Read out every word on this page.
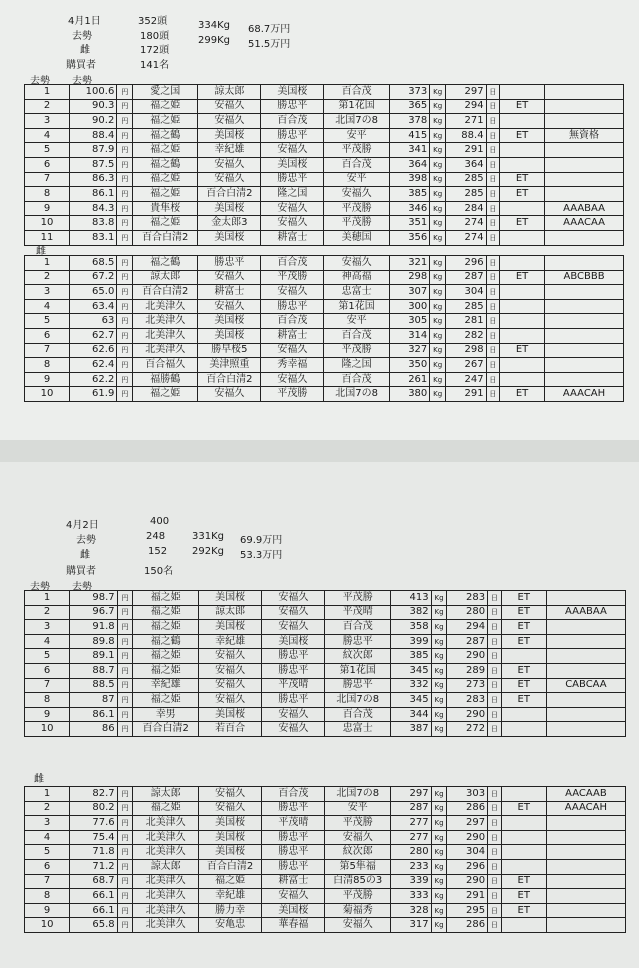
4月1日	352頭
去勢	180頭
334Kg 68.7万円
雌	172頭
299Kg 51.5万円
購買者	141名
去勢 去勢
1	100.6	円	愛之国	諒太郎	美国桜	百合茂	373	Kg	297	日		
2	90.3	円	福之姫	安福久	勝忠平	第1花国	365	Kg	294	日	ET	
3	90.2	円	福之姫	安福久	百合茂	北国7の8	378	Kg	271	日		
4	88.4	円	福之鶴	美国桜	勝忠平	安平	415	Kg	88.4	日	ET	無資格
5	87.9	円	福之姫	幸紀雄	安福久	平茂勝	341	Kg	291	日		
6	87.5	円	福之鶴	安福久	美国桜	百合茂	364	Kg	364	日		
7	86.3	円	福之姫	安福久	勝忠平	安平	398	Kg	285	日	ET	
8	86.1	円	福之姫	百合白清2	隆之国	安福久	385	Kg	285	日	ET	
9	84.3	円	貴隼桜	美国桜	安福久	平茂勝	346	Kg	284	日		AAABAA
10	83.8	円	福之姫	金太郎3	安福久	平茂勝	351	Kg	274	日	ET	AAACAA
11	83.1	円	百合白清2	美国桜	耕富士	美穂国	356	Kg	274	日		
雌
1	68.5	円	福之鶴	勝忠平	百合茂	安福久	321	Kg	296	日		
2	67.2	円	諒太郎	安福久	平茂勝	神高福	298	Kg	287	日	ET	ABCBBB
3	65.0	円	百合白清2	耕富士	安福久	忠富士	307	Kg	304	日		
4	63.4	円	北美津久	安福久	勝忠平	第1花国	300	Kg	285	日		
5	63	円	北美津久	美国桜	百合茂	安平	305	Kg	281	日		
6	62.7	円	北美津久	美国桜	耕富士	百合茂	314	Kg	282	日		
7	62.6	円	北美津久	勝早桜5	安福久	平茂勝	327	Kg	298	日	ET	
8	62.4	円	百合福久	美津照重	秀幸福	隆之国	350	Kg	267	日		
9	62.2	円	福勝鶴	百合白清2	安福久	百合茂	261	Kg	247	日		
10	61.9	円	福之姫	安福久	平茂勝	北国7の8	380	Kg	291	日	ET	AAACAH
4月2日	400
去勢	248	331Kg 69.9万円
雌	152 292Kg 53.3万円
購買者	150名
去勢 去勢
1	98.7	円	福之姫	美国桜	安福久	平茂勝	413	Kg	283	日	ET	
2	96.7	円	福之姫	諒太郎	安福久	平茂晴	382	Kg	280	日	ET	AAABAA
3	91.8	円	福之姫	美国桜	安福久	百合茂	358	Kg	294	日	ET	
4	89.8	円	福之鶴	幸紀雄	美国桜	勝忠平	399	Kg	287	日	ET	
5	89.1	円	福之姫	安福久	勝忠平	紋次郎	385	Kg	290	日		
6	88.7	円	福之姫	安福久	勝忠平	第1花国	345	Kg	289	日	ET	
7	88.5	円	幸紀雄	安福久	平茂晴	勝忠平	332	Kg	273	日	ET	CABCAA
8	87	円	福之姫	安福久	勝忠平	北国7の8	345	Kg	283	日	ET	
9	86.1	円	幸男	美国桜	安福久	百合茂	344	Kg	290	日		
10	86	円	百合白清2	若百合	安福久	忠富士	387	Kg	272	日		
雌
1	82.7	円	諒太郎	安福久	百合茂	北国7の8	297	Kg	303	日		AACAAB
2	80.2	円	福之姫	安福久	勝忠平	安平	287	Kg	286	日	ET	AAACAH
3	77.6	円	北美津久	美国桜	平茂晴	平茂勝	277	Kg	297	日		
4	75.4	円	北美津久	美国桜	勝忠平	安福久	277	Kg	290	日		
5	71.8	円	北美津久	美国桜	勝忠平	紋次郎	280	Kg	304	日		
6	71.2	円	諒太郎	百合白清2	勝忠平	第5隼福	233	Kg	296	日		
7	68.7	円	北美津久	福之姫	耕富士	白清85の3	339	Kg	290	日	ET	
8	66.1	円	北美津久	幸紀雄	安福久	平茂勝	333	Kg	291	日	ET	
9	66.1	円	北美津久	勝力幸	美国桜	菊福秀	328	Kg	295	日	ET	
10	65.8	円	北美津久	安亀忠	華春福	安福久	317	Kg	286	日		
